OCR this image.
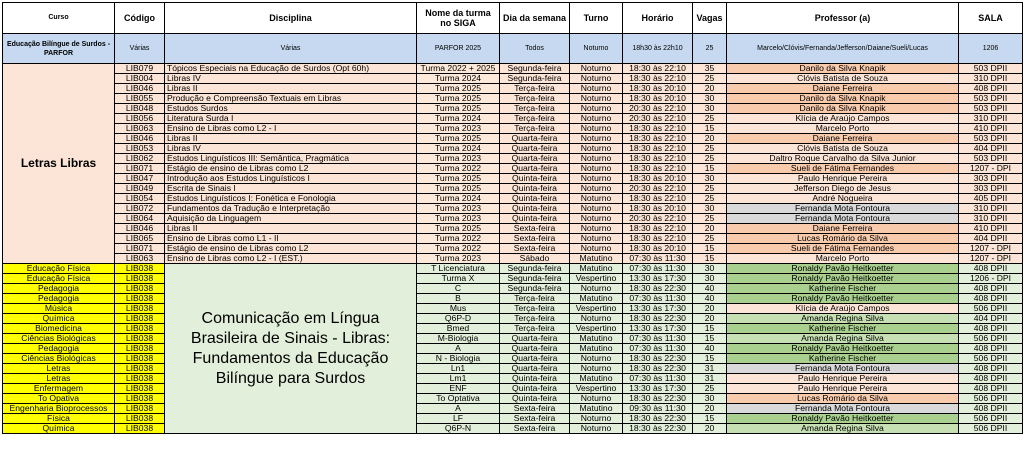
Curso	Código	Disciplina	Nome da turma no SIGA	Dia da semana	Turno	Horário	Vagas	Professor (a)	SALA
Educação Bilíngue de Surdos - PARFOR	Várias	Várias	PARFOR 2025	Todos	Noturno	18h30 às 22h10	25	Marcelo/Clóvis/Fernanda/Jefferson/Daiane/Sueli/Lucas	1206
Letras Libras	LIB079	Tópicos Especiais na Educação de Surdos (Opt 60h)	Turma 2022 + 2025	Segunda-feira	Noturno	18:30 às 22:10	35	Danilo da Silva Knapik	503 DPII
	LIB004	Libras IV	Turma 2024	Segunda-feira	Noturno	18:30 às 22:10	25	Clóvis Batista de Souza	310 DPII
	LIB046	Libras II	Turma 2025	Terça-feira	Noturno	18:30 às 20:10	20	Daiane Ferreira	408 DPII
	LIB055	Produção e Compreensão Textuais em Libras	Turma 2025	Terça-feira	Noturno	18:30 às 20:10	30	Danilo da Silva Knapik	503 DPII
	LIB048	Estudos Surdos	Turma 2025	Terça-feira	Noturno	20:30 às 22:10	30	Danilo da Silva Knapik	503 DPII
	LIB056	Literatura Surda I	Turma 2024	Terça-feira	Noturno	20:30 às 22:10	25	Klícia de Araújo Campos	310 DPII
	LIB063	Ensino de Libras como L2 - I	Turma 2023	Terça-feira	Noturno	18:30 às 22:10	15	Marcelo Porto	410 DPII
	LIB046	Libras II	Turma 2025	Quarta-feira	Noturno	18:30 às 22:10	20	Daiane Ferreira	503 DPII
	LIB053	Libras IV	Turma 2024	Quarta-feira	Noturno	18:30 às 22:10	25	Clóvis Batista de Souza	404 DPII
	LIB062	Estudos Linguísticos III: Semântica, Pragmática	Turma 2023	Quarta-feira	Noturno	18:30 às 22:10	25	Daltro Roque Carvalho da Silva Junior	503 DPII
	LIB071	Estágio de ensino de Libras como L2	Turma 2022	Quarta-feira	Noturno	18:30 às 22:10	15	Sueli de Fátima Fernandes	1207 - DPI
	LIB047	Introdução aos Estudos Linguísticos I	Turma 2025	Quinta-feira	Noturno	18:30 às 20:10	30	Paulo Henrique Pereira	303 DPII
	LIB049	Escrita de Sinais I	Turma 2025	Quinta-feira	Noturno	20:30 às 22:10	25	Jefferson Diego de Jesus	303 DPII
	LIB054	Estudos Linguísticos I: Fonética e Fonologia	Turma 2024	Quinta-feira	Noturno	18:30 às 22:10	25	André Nogueira	405 DPII
	LIB072	Fundamentos da Tradução e Interpretação	Turma 2023	Quinta-feira	Noturno	18:30 às 20:10	30	Fernanda Mota Fontoura	310 DPII
	LIB064	Aquisição da Linguagem	Turma 2023	Quinta-feira	Noturno	20:30 às 22:10	25	Fernanda Mota Fontoura	310 DPII
	LIB046	Libras II	Turma 2025	Sexta-feira	Noturno	18:30 às 22:10	20	Daiane Ferreira	410 DPII
	LIB065	Ensino de Libras como L1 - II	Turma 2022	Sexta-feira	Noturno	18:30 às 22:10	25	Lucas Romário da Silva	404 DPII
	LIB071	Estágio de ensino de Libras como L2	Turma 2022	Sexta-feira	Noturno	18:30 às 20:10	15	Sueli de Fátima Fernandes	1207 - DPI
	LIB063	Ensino de Libras como L2 - I (EST.)	Turma 2023	Sábado	Matutino	07:30 às 11:30	15	Marcelo Porto	1207 - DPI
Educação Física	LIB038	Comunicação em Língua Brasileira de Sinais - Libras: Fundamentos da Educação Bilíngue para Surdos	T Licenciatura	Segunda-feira	Matutino	07:30 às 11:30	30	Ronaldy Pavão Heitkoetter	408 DPII
Educação Física	LIB038		Turma X	Segunda-feira	Vespertino	13:30 às 17:30	30	Ronaldy Pavão Heitkoetter	1206 - DPI
Pedagogia	LIB038		C	Segunda-feira	Noturno	18:30 às 22:30	40	Katherine Fischer	408 DPII
Pedagogia	LIB038		B	Terça-feira	Matutino	07:30 às 11:30	40	Ronaldy Pavão Heitkoetter	408 DPII
Música	LIB038		Mus	Terça-feira	Vespertino	13:30 às 17:30	20	Klícia de Araújo Campos	506 DPII
Química	LIB038		Q6P-D	Terça-feira	Noturno	18:30 às 22:30	20	Amanda Regina Silva	404 DPII
Biomedicina	LIB038		Bmed	Terça-feira	Vespertino	13:30 às 17:30	15	Katherine Fischer	408 DPII
Ciências Biológicas	LIB038		M-Biologia	Quarta-feira	Matutino	07:30 às 11:30	15	Amanda Regina Silva	506 DPII
Pedagogia	LIB038		A	Quarta-feira	Matutino	07:30 às 11:30	40	Ronaldy Pavão Heitkoetter	408 DPII
Ciências Biológicas	LIB038		N - Biologia	Quarta-feira	Noturno	18:30 às 22:30	15	Katherine Fischer	506 DPII
Letras	LIB038		Ln1	Quarta-feira	Noturno	18:30 às 22:30	31	Fernanda Mota Fontoura	408 DPII
Letras	LIB038		Lm1	Quinta-feira	Matutino	07:30 às 11:30	31	Paulo Henrique Pereira	408 DPII
Enfermagem	LIB038		ENF	Quinta-feira	Vespertino	13:30 às 17:30	25	Paulo Henrique Pereira	408 DPII
To Opativa	LIB038		To Optativa	Quinta-feira	Noturno	18:30 às 22:30	30	Lucas Romário da Silva	506 DPII
Engenharia Bioprocessos	LIB038		A	Sexta-feira	Matutino	09:30 às 11:30	20	Fernanda Mota Fontoura	408 DPII
Física	LIB038		LF	Sexta-feira	Noturno	18:30 às 22:30	15	Ronaldy Pavão Heitkoetter	506 DPII
Química	LIB038		Q6P-N	Sexta-feira	Noturno	18:30 às 22:30	20	Amanda Regina Silva	506 DPII
